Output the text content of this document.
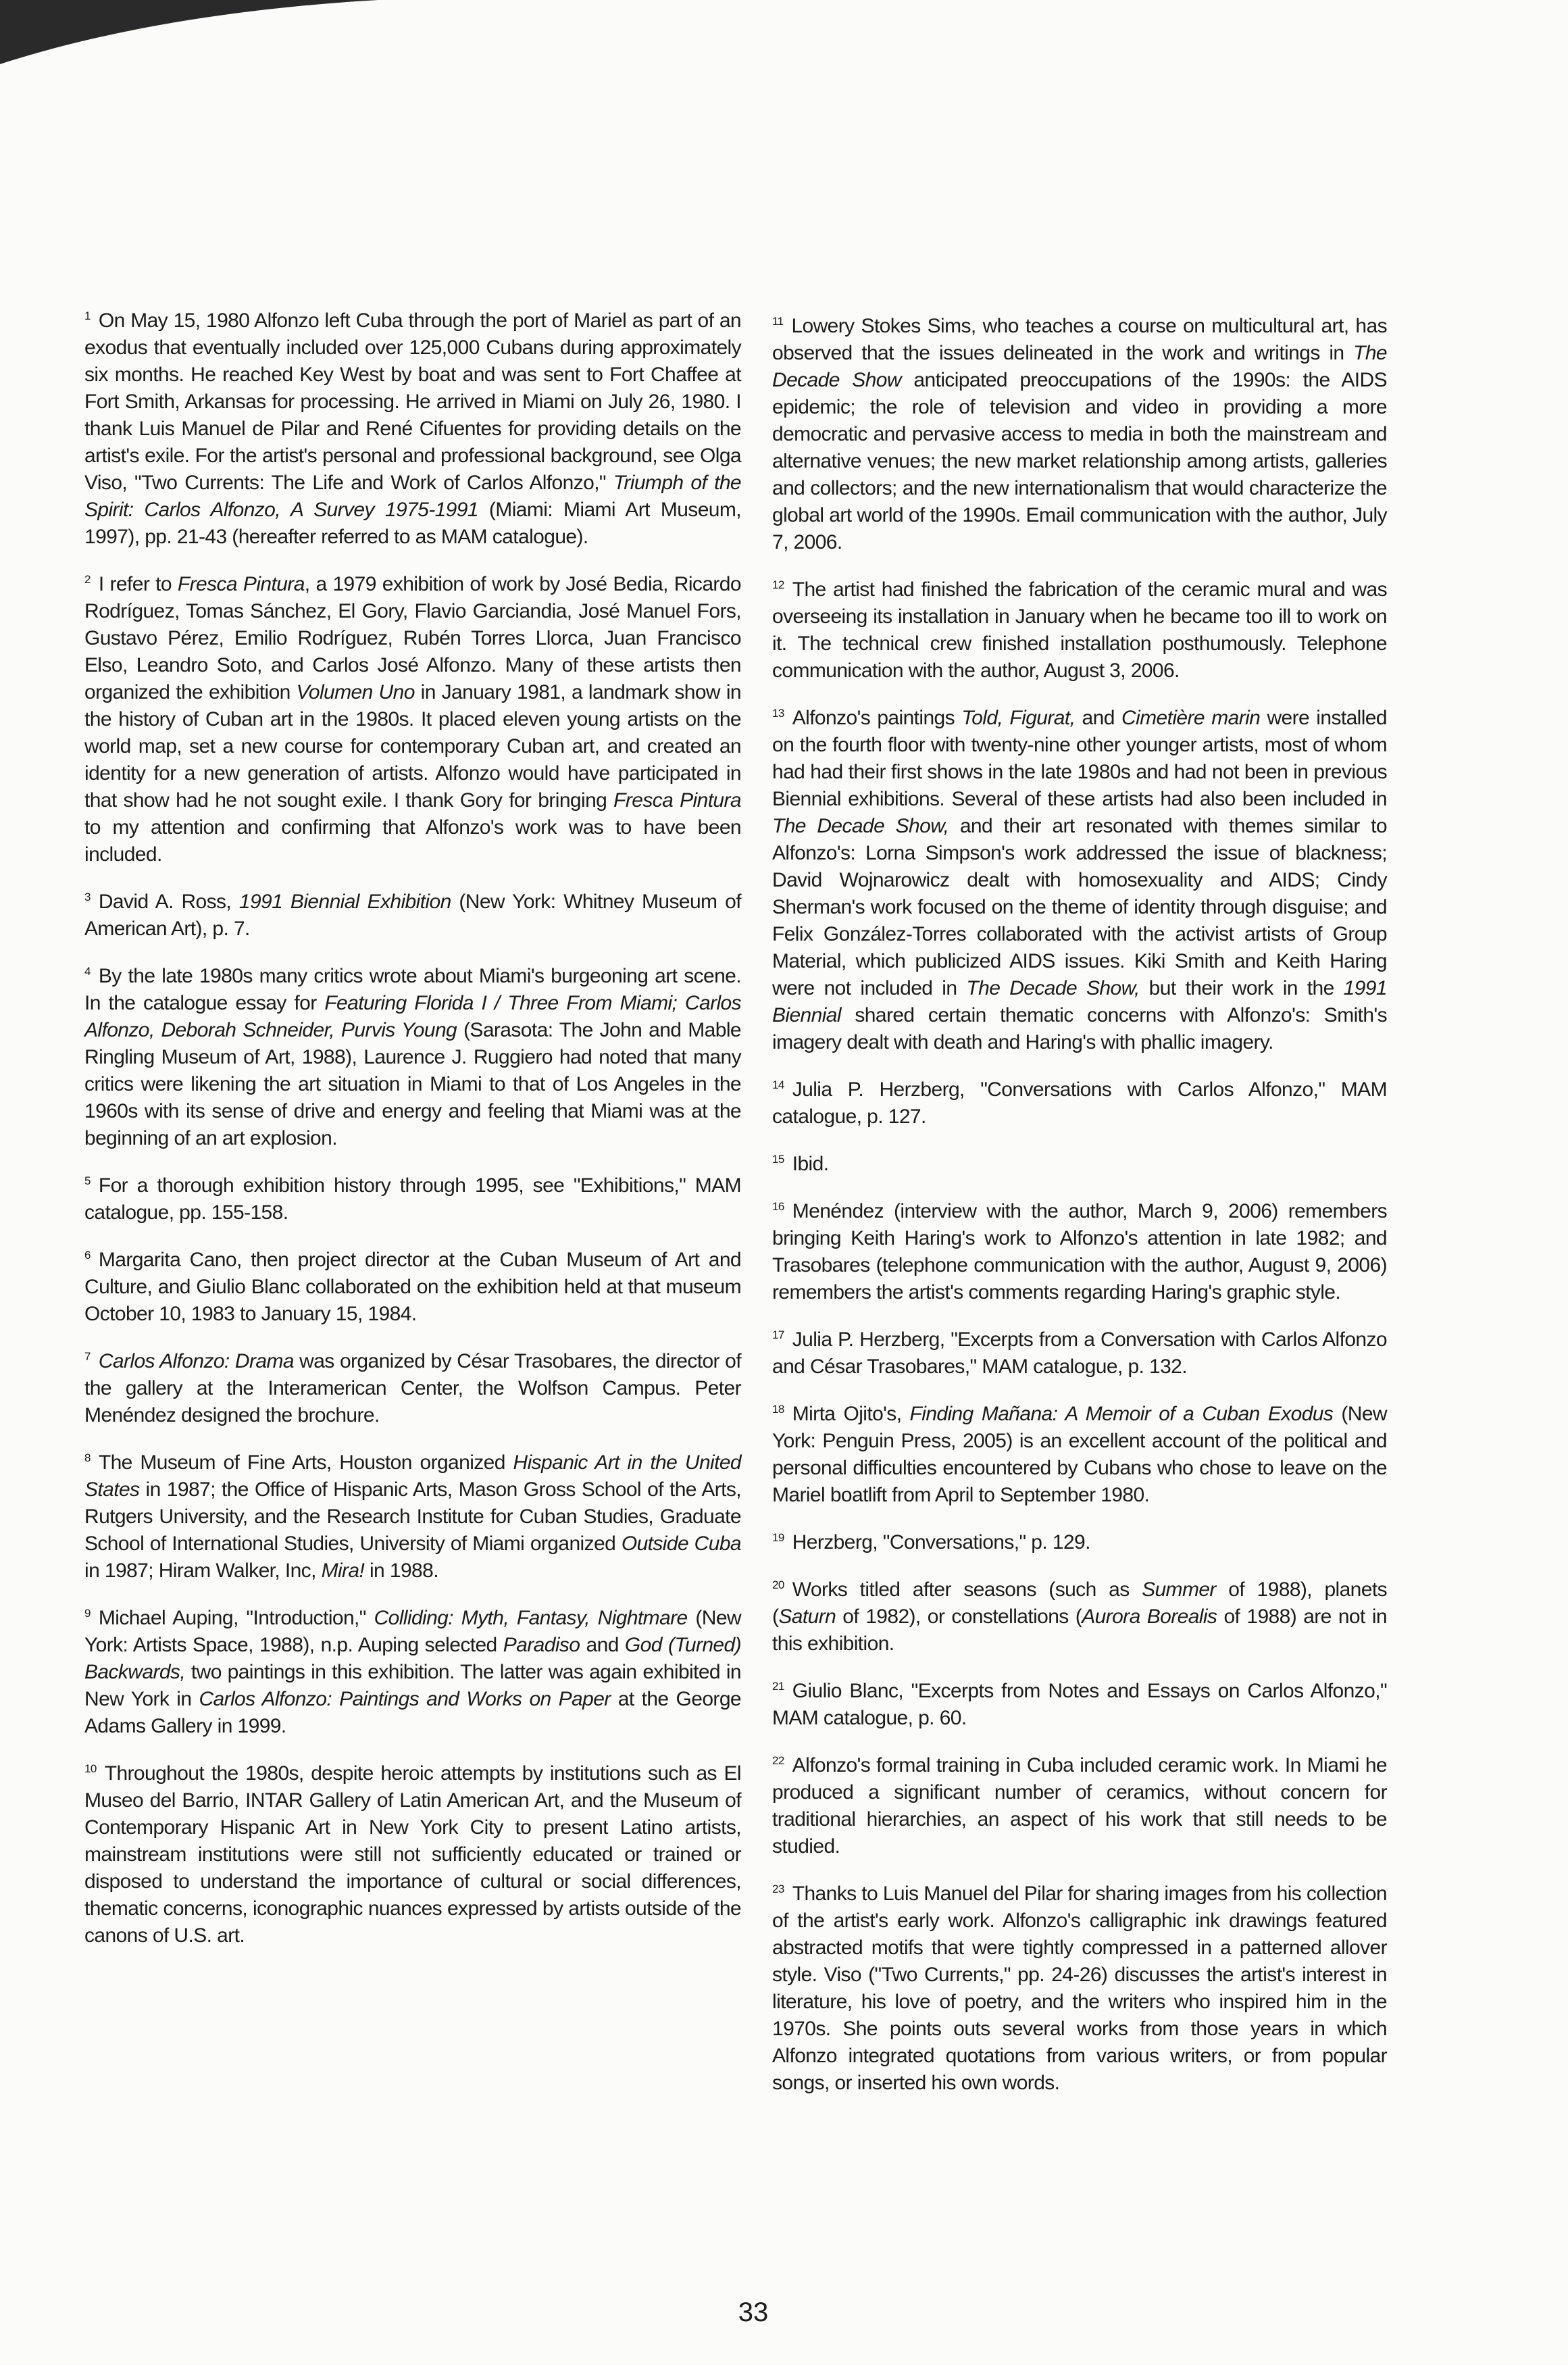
$^1$ On May 15, 1980 Alfonzo left Cuba through the port of Mariel as part of an exodus that eventually included over 125,000 Cubans during approximately six months. He reached Key West by boat and was sent to Fort Chaffee at Fort Smith, Arkansas for processing. He arrived in Miami on July 26, 1980. I thank Luis Manuel de Pilar and René Cifuentes for providing details on the artist's exile. For the artist's personal and professional background, see Olga Viso, "Two Currents: The Life and Work of Carlos Alfonzo," Triumph of the Spirit: Carlos Alfonzo, A Survey 1975-1991 (Miami: Miami Art Museum, 1997), pp. 21-43 (hereafter referred to as MAM catalogue).
$^2$ I refer to Fresca Pintura, a 1979 exhibition of work by José Bedia, Ricardo Rodríguez, Tomas Sánchez, El Gory, Flavio Garciandia, José Manuel Fors, Gustavo Pérez, Emilio Rodríguez, Rubén Torres Llorca, Juan Francisco Elso, Leandro Soto, and Carlos José Alfonzo. Many of these artists then organized the exhibition Volumen Uno in January 1981, a landmark show in the history of Cuban art in the 1980s. It placed eleven young artists on the world map, set a new course for contemporary Cuban art, and created an identity for a new generation of artists. Alfonzo would have participated in that show had he not sought exile. I thank Gory for bringing Fresca Pintura to my attention and confirming that Alfonzo's work was to have been included.
$^3$ David A. Ross, 1991 Biennial Exhibition (New York: Whitney Museum of American Art), p. 7.
$^4$ By the late 1980s many critics wrote about Miami's burgeoning art scene. In the catalogue essay for Featuring Florida I / Three From Miami; Carlos Alfonzo, Deborah Schneider, Purvis Young (Sarasota: The John and Mable Ringling Museum of Art, 1988), Laurence J. Ruggiero had noted that many critics were likening the art situation in Miami to that of Los Angeles in the 1960s with its sense of drive and energy and feeling that Miami was at the beginning of an art explosion.
$^5$ For a thorough exhibition history through 1995, see "Exhibitions," MAM catalogue, pp. 155-158.
$^6$ Margarita Cano, then project director at the Cuban Museum of Art and Culture, and Giulio Blanc collaborated on the exhibition held at that museum October 10, 1983 to January 15, 1984.
$^7$ Carlos Alfonzo: Drama was organized by César Trasobares, the director of the gallery at the Interamerican Center, the Wolfson Campus. Peter Menéndez designed the brochure.
$^8$ The Museum of Fine Arts, Houston organized Hispanic Art in the United States in 1987; the Office of Hispanic Arts, Mason Gross School of the Arts, Rutgers University, and the Research Institute for Cuban Studies, Graduate School of International Studies, University of Miami organized Outside Cuba in 1987; Hiram Walker, Inc, Mira! in 1988.
$^9$ Michael Auping, "Introduction," Colliding: Myth, Fantasy, Nightmare (New York: Artists Space, 1988), n.p. Auping selected Paradiso and God (Turned) Backwards, two paintings in this exhibition. The latter was again exhibited in New York in Carlos Alfonzo: Paintings and Works on Paper at the George Adams Gallery in 1999.
$^{10}$ Throughout the 1980s, despite heroic attempts by institutions such as El Museo del Barrio, INTAR Gallery of Latin American Art, and the Museum of Contemporary Hispanic Art in New York City to present Latino artists, mainstream institutions were still not sufficiently educated or trained or disposed to understand the importance of cultural or social differences, thematic concerns, iconographic nuances expressed by artists outside of the canons of U.S. art.
$^{11}$ Lowery Stokes Sims, who teaches a course on multicultural art, has observed that the issues delineated in the work and writings in The Decade Show anticipated preoccupations of the 1990s: the AIDS epidemic; the role of television and video in providing a more democratic and pervasive access to media in both the mainstream and alternative venues; the new market relationship among artists, galleries and collectors; and the new internationalism that would characterize the global art world of the 1990s. Email communication with the author, July 7, 2006.
$^{12}$ The artist had finished the fabrication of the ceramic mural and was overseeing its installation in January when he became too ill to work on it. The technical crew finished installation posthumously. Telephone communication with the author, August 3, 2006.
$^{13}$ Alfonzo's paintings Told, Figurat, and Cimetière marin were installed on the fourth floor with twenty-nine other younger artists, most of whom had had their first shows in the late 1980s and had not been in previous Biennial exhibitions. Several of these artists had also been included in The Decade Show, and their art resonated with themes similar to Alfonzo's: Lorna Simpson's work addressed the issue of blackness; David Wojnarowicz dealt with homosexuality and AIDS; Cindy Sherman's work focused on the theme of identity through disguise; and Felix González-Torres collaborated with the activist artists of Group Material, which publicized AIDS issues. Kiki Smith and Keith Haring were not included in The Decade Show, but their work in the 1991 Biennial shared certain thematic concerns with Alfonzo's: Smith's imagery dealt with death and Haring's with phallic imagery.
$^{14}$ Julia P. Herzberg, "Conversations with Carlos Alfonzo," MAM catalogue, p. 127.
$^{15}$ Ibid.
$^{16}$ Menéndez (interview with the author, March 9, 2006) remembers bringing Keith Haring's work to Alfonzo's attention in late 1982; and Trasobares (telephone communication with the author, August 9, 2006) remembers the artist's comments regarding Haring's graphic style.
$^{17}$ Julia P. Herzberg, "Excerpts from a Conversation with Carlos Alfonzo and César Trasobares," MAM catalogue, p. 132.
$^{18}$ Mirta Ojito's, Finding Mañana: A Memoir of a Cuban Exodus (New York: Penguin Press, 2005) is an excellent account of the political and personal difficulties encountered by Cubans who chose to leave on the Mariel boatlift from April to September 1980.
$^{19}$ Herzberg, "Conversations," p. 129.
$^{20}$ Works titled after seasons (such as Summer of 1988), planets (Saturn of 1982), or constellations (Aurora Borealis of 1988) are not in this exhibition.
$^{21}$ Giulio Blanc, "Excerpts from Notes and Essays on Carlos Alfonzo," MAM catalogue, p. 60.
$^{22}$ Alfonzo's formal training in Cuba included ceramic work. In Miami he produced a significant number of ceramics, without concern for traditional hierarchies, an aspect of his work that still needs to be studied.
$^{23}$ Thanks to Luis Manuel del Pilar for sharing images from his collection of the artist's early work. Alfonzo's calligraphic ink drawings featured abstracted motifs that were tightly compressed in a patterned allover style. Viso ("Two Currents," pp. 24-26) discusses the artist's interest in literature, his love of poetry, and the writers who inspired him in the 1970s. She points outs several works from those years in which Alfonzo integrated quotations from various writers, or from popular songs, or inserted his own words.
33
